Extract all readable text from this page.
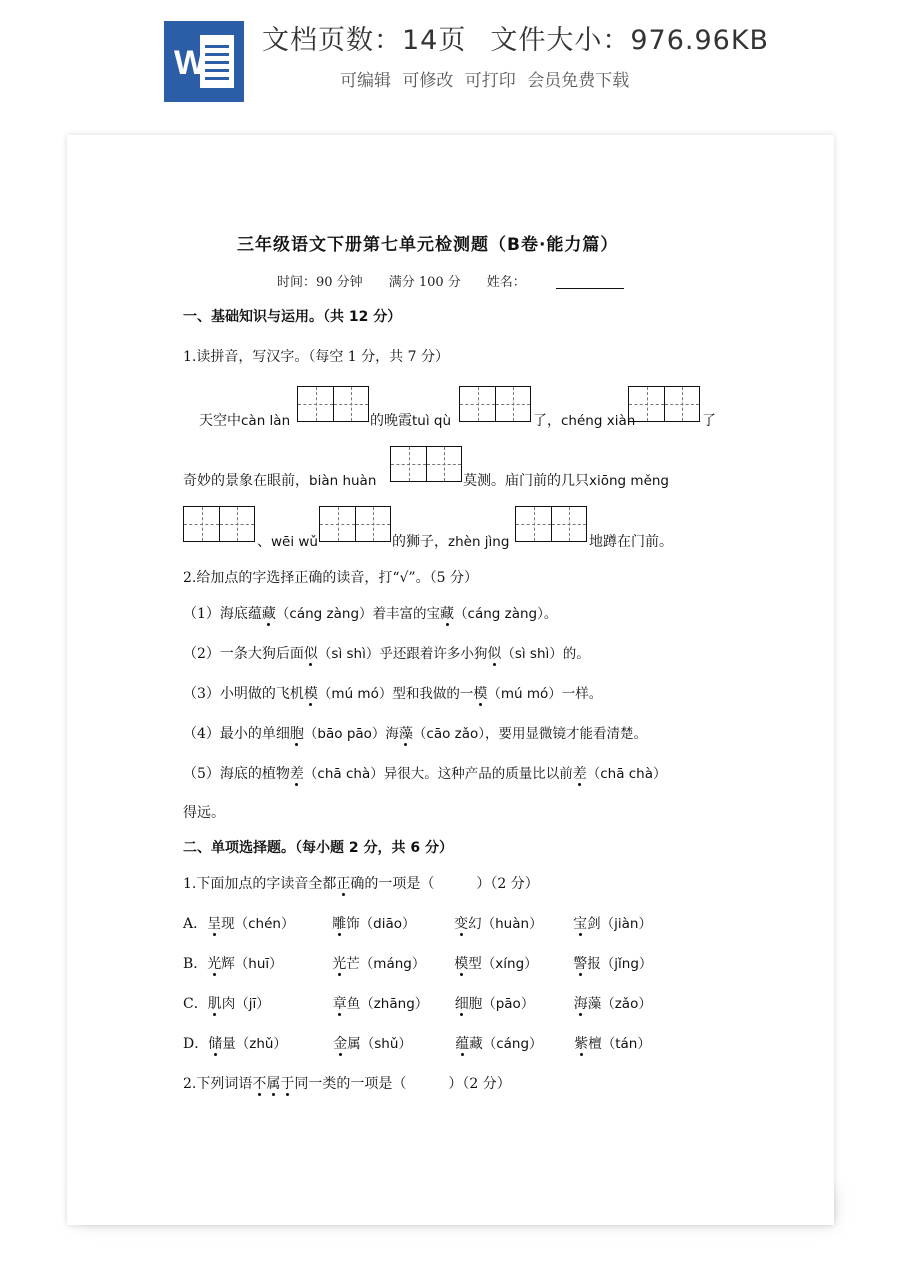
W
文档页数：14页 文件大小：976.96KB
可编辑 可修改 可打印 会员免费下载
三年级语文下册第七单元检测题（B卷·能力篇）
时间：90 分钟 满分 100 分 姓名：
一、基础知识与运用。（共 12 分）
1.读拼音，写汉字。（每空 1 分，共 7 分）
天空中càn làn	的晚霞tuì qù	了，chéng xiàn	了
奇妙的景象在眼前，biàn huàn	莫测。庙门前的几只xiōng měng
、wēi wǔ	的狮子，zhèn jìng	地蹲在门前。
2.给加点的字选择正确的读音，打“√”。（5 分）
（1）海底蕴藏（cáng zàng）着丰富的宝藏（cáng zàng）。
（2）一条大狗后面似（sì shì）乎还跟着许多小狗似（sì shì）的。
（3）小明做的飞机模（mú mó）型和我做的一模（mú mó）一样。
（4）最小的单细胞（bāo pāo）海藻（cāo zǎo），要用显微镜才能看清楚。
（5）海底的植物差（chā chà）异很大。这种产品的质量比以前差（chā chà）
得远。
二、单项选择题。（每小题 2 分，共 6 分）
1.下面加点的字读音全都正确的一项是（　　　）（2 分）
A．呈现（chén）	雕饰（diāo）	变幻（huàn） 宝剑（jiàn）
B．光辉（huī）	光芒（máng） 模型（xíng）	警报（jǐng）
C．肌肉（jī）	章鱼（zhāng） 细胞（pāo）	海藻（zǎo）
D．储量（zhǔ）	金属（shǔ）	蕴藏（cáng） 紫檀（tán）
2.下列词语不属于同一类的一项是（　　　）（2 分）
